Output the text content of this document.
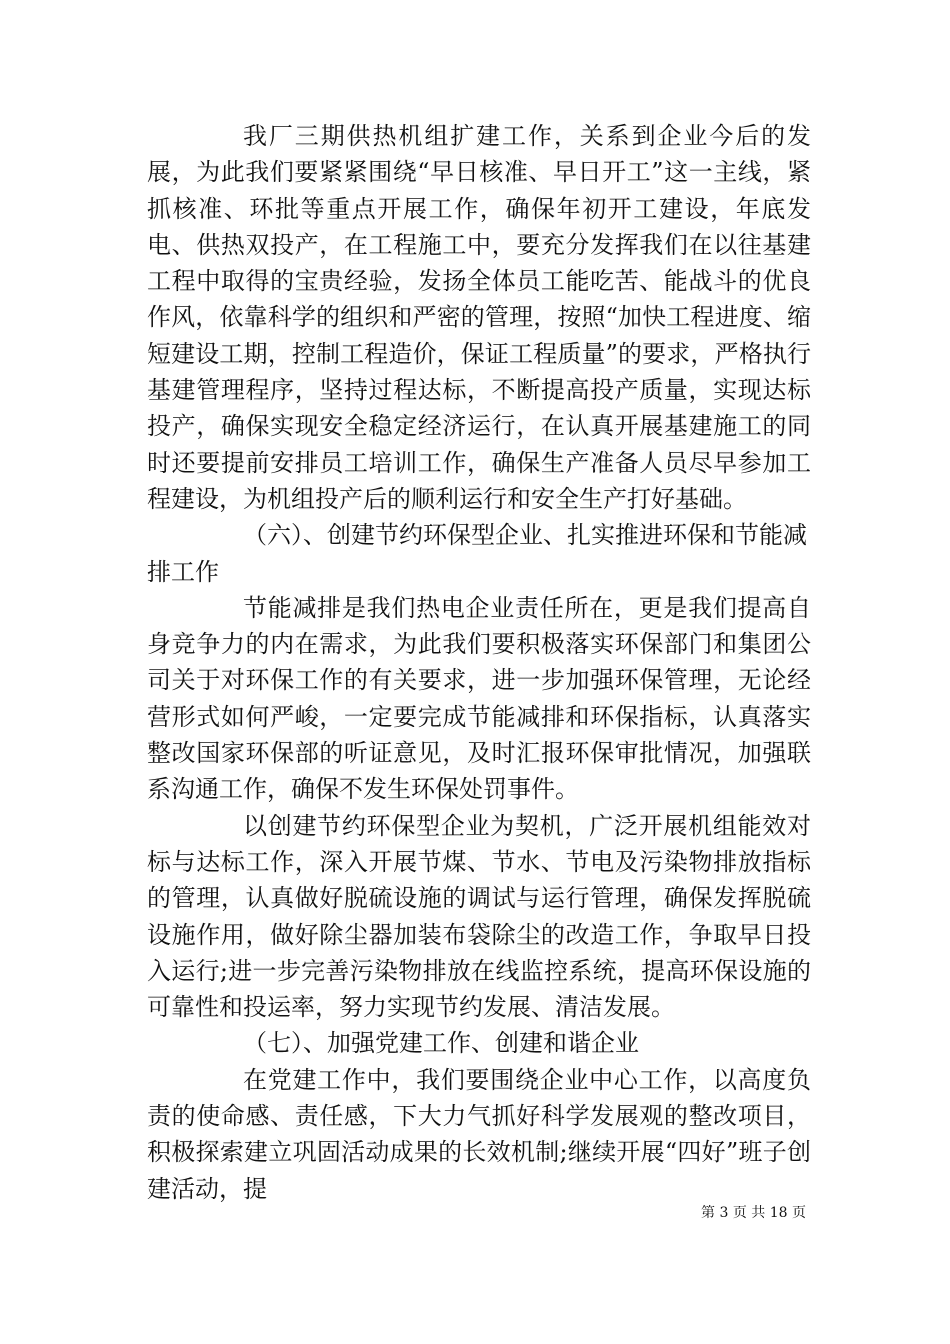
我厂三期供热机组扩建工作，关系到企业今后的发展，为此我们要紧紧围绕“早日核准、早日开工”这一主线，紧抓核准、环批等重点开展工作，确保年初开工建设，年底发电、供热双投产，在工程施工中，要充分发挥我们在以往基建工程中取得的宝贵经验，发扬全体员工能吃苦、能战斗的优良作风，依靠科学的组织和严密的管理，按照“加快工程进度、缩短建设工期，控制工程造价，保证工程质量”的要求，严格执行基建管理程序，坚持过程达标，不断提高投产质量，实现达标投产，确保实现安全稳定经济运行，在认真开展基建施工的同时还要提前安排员工培训工作，确保生产准备人员尽早参加工程建设，为机组投产后的顺利运行和安全生产打好基础。

（六）、创建节约环保型企业、扎实推进环保和节能减排工作

节能减排是我们热电企业责任所在，更是我们提高自身竞争力的内在需求，为此我们要积极落实环保部门和集团公司关于对环保工作的有关要求，进一步加强环保管理，无论经营形式如何严峻，一定要完成节能减排和环保指标，认真落实整改国家环保部的听证意见，及时汇报环保审批情况，加强联系沟通工作，确保不发生环保处罚事件。

以创建节约环保型企业为契机，广泛开展机组能效对标与达标工作，深入开展节煤、节水、节电及污染物排放指标的管理，认真做好脱硫设施的调试与运行管理，确保发挥脱硫设施作用，做好除尘器加装布袋除尘的改造工作，争取早日投入运行;进一步完善污染物排放在线监控系统，提高环保设施的可靠性和投运率，努力实现节约发展、清洁发展。

（七）、加强党建工作、创建和谐企业

在党建工作中，我们要围绕企业中心工作，以高度负责的使命感、责任感，下大力气抓好科学发展观的整改项目，积极探索建立巩固活动成果的长效机制;继续开展“四好”班子创建活动，提

第 3 页 共 18 页
